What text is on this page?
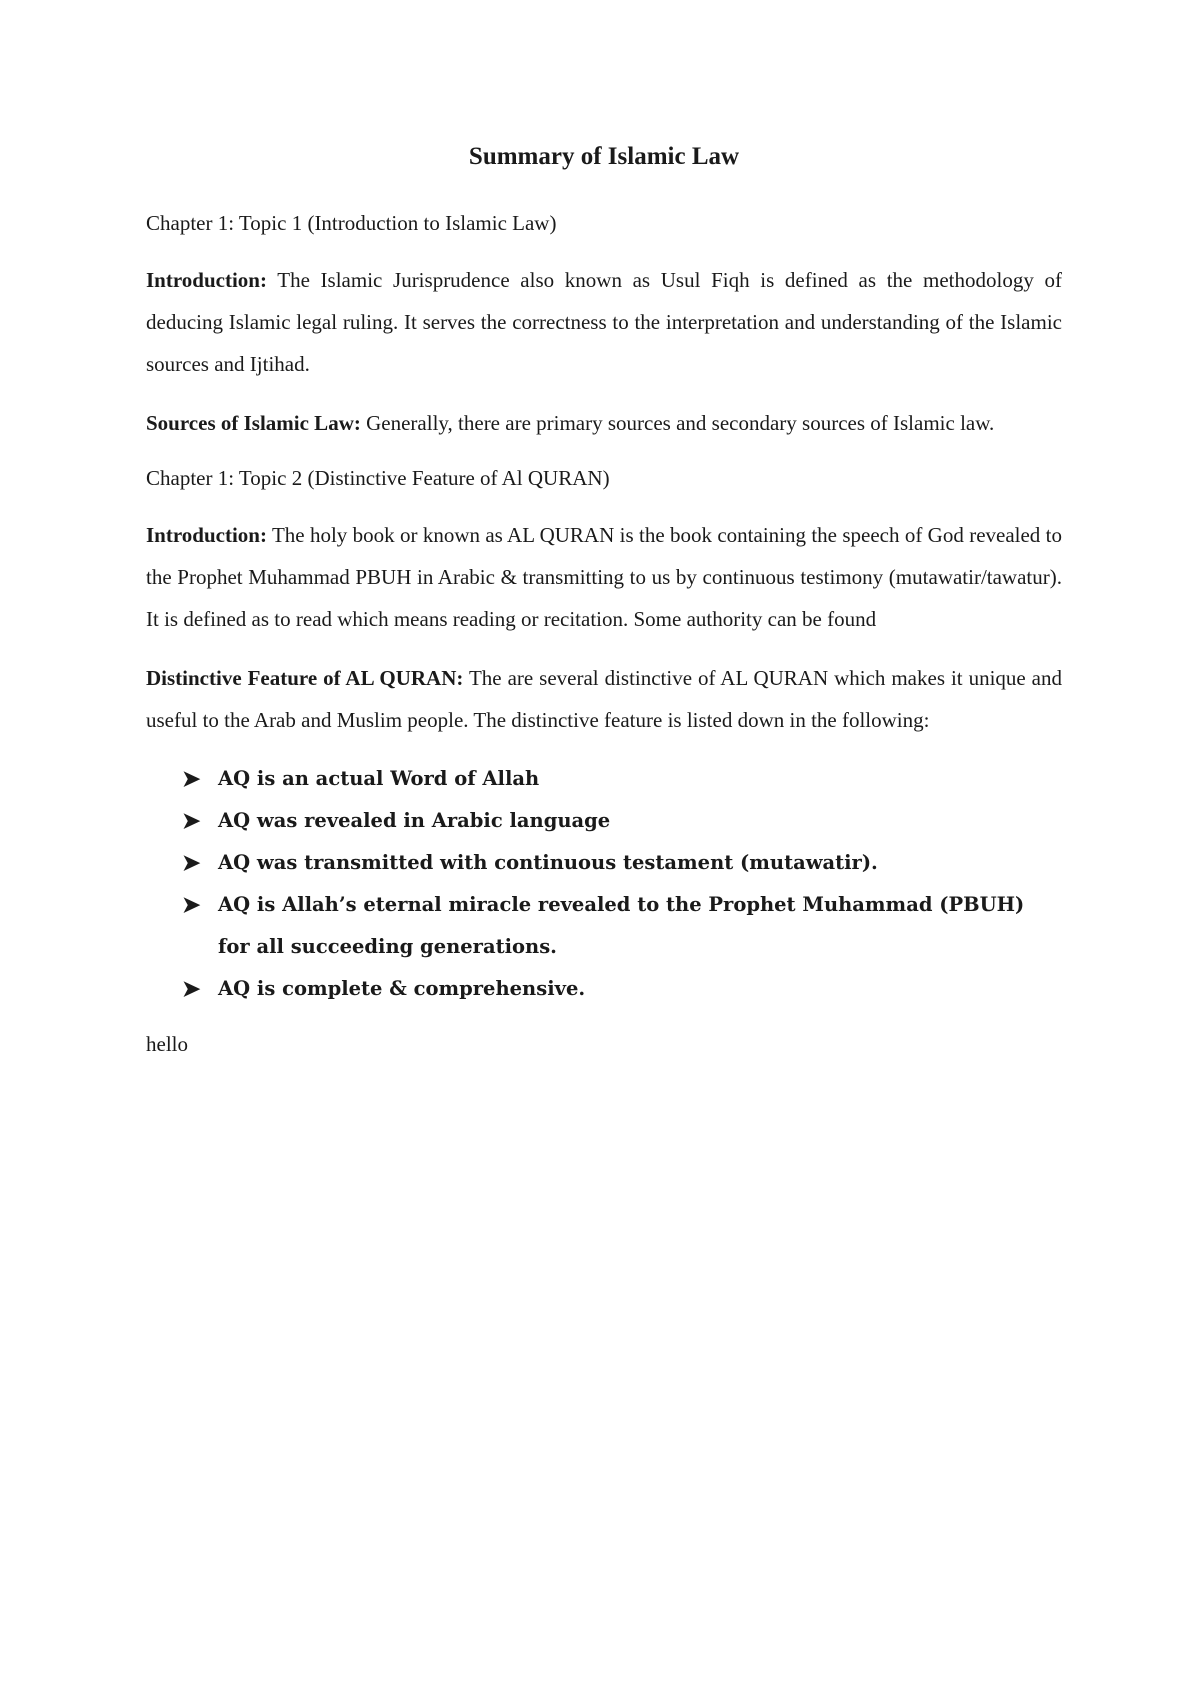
Summary of Islamic Law

Chapter 1: Topic 1 (Introduction to Islamic Law)

Introduction: The Islamic Jurisprudence also known as Usul Fiqh is defined as the methodology of deducing Islamic legal ruling. It serves the correctness to the interpretation and understanding of the Islamic sources and Ijtihad.

Sources of Islamic Law: Generally, there are primary sources and secondary sources of Islamic law.

Chapter 1: Topic 2 (Distinctive Feature of Al QURAN)

Introduction: The holy book or known as AL QURAN is the book containing the speech of God revealed to the Prophet Muhammad PBUH in Arabic & transmitting to us by continuous testimony (mutawatir/tawatur). It is defined as to read which means reading or recitation. Some authority can be found

Distinctive Feature of AL QURAN: The are several distinctive of AL QURAN which makes it unique and useful to the Arab and Muslim people. The distinctive feature is listed down in the following:

➤ AQ is an actual Word of Allah
➤ AQ was revealed in Arabic language
➤ AQ was transmitted with continuous testament (mutawatir).
➤ AQ is Allah’s eternal miracle revealed to the Prophet Muhammad (PBUH) for all succeeding generations.
➤ AQ is complete & comprehensive.

hello
